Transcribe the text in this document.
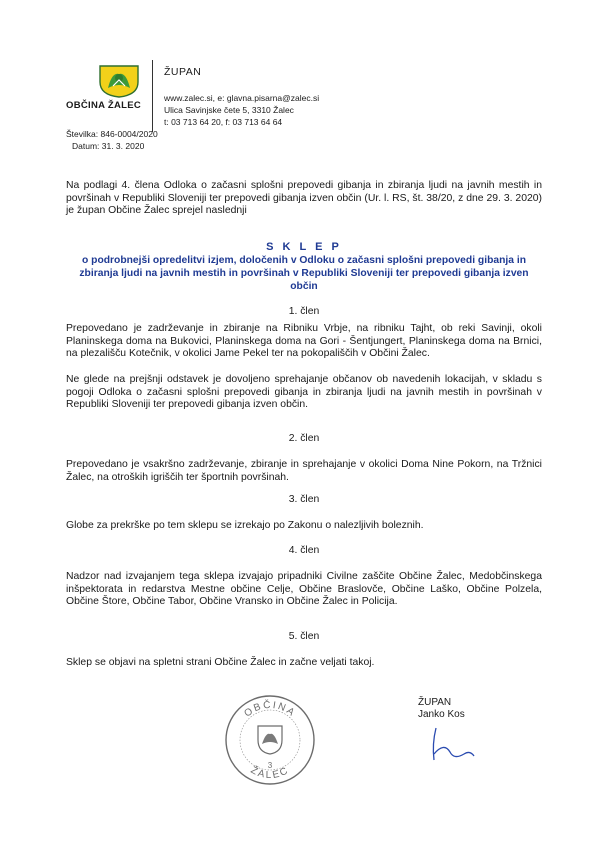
OBČINA ŽALEC
ŽUPAN
www.zalec.si, e: glavna.pisarna@zalec.si
Ulica Savinjske čete 5, 3310 Žalec
t: 03 713 64 20, f: 03 713 64 64
Številka: 846-0004/2020
Datum: 31. 3. 2020
Na podlagi 4. člena Odloka o začasni splošni prepovedi gibanja in zbiranja ljudi na javnih mestih in površinah v Republiki Sloveniji ter prepovedi gibanja izven občin (Ur. l. RS, št. 38/20, z dne 29. 3. 2020) je župan Občine Žalec sprejel naslednji
S K L E P
o podrobnejši opredelitvi izjem, določenih v Odloku o začasni splošni prepovedi gibanja in zbiranja ljudi na javnih mestih in površinah v Republiki Sloveniji ter prepovedi gibanja izven občin
1. člen
Prepovedano je zadrževanje in zbiranje na Ribniku Vrbje, na ribniku Tajht, ob reki Savinji, okoli Planinskega doma na Bukovici, Planinskega doma na Gori - Šentjungert, Planinskega doma na Brnici, na plezališču Kotečnik, v okolici Jame Pekel ter na pokopališčih v Občini Žalec.
Ne glede na prejšnji odstavek je dovoljeno sprehajanje občanov ob navedenih lokacijah, v skladu s pogoji Odloka o začasni splošni prepovedi gibanja in zbiranja ljudi na javnih mestih in površinah v Republiki Sloveniji ter prepovedi gibanja izven občin.
2. člen
Prepovedano je vsakršno zadrževanje, zbiranje in sprehajanje v okolici Doma Nine Pokorn, na Tržnici Žalec, na otroških igriščih ter športnih površinah.
3. člen
Globe za prekrške po tem sklepu se izrekajo po Zakonu o nalezljivih boleznih.
4. člen
Nadzor nad izvajanjem tega sklepa izvajajo pripadniki Civilne zaščite Občine Žalec, Medobčinskega inšpektorata in redarstva Mestne občine Celje, Občine Braslovče, Občine Laško, Občine Polzela, Občine Štore, Občine Tabor, Občine Vransko in Občine Žalec in Policija.
5. člen
Sklep se objavi na spletni strani Občine Žalec in začne veljati takoj.
ŽUPAN
Janko Kos
OBČINA
ŽALEC
3
